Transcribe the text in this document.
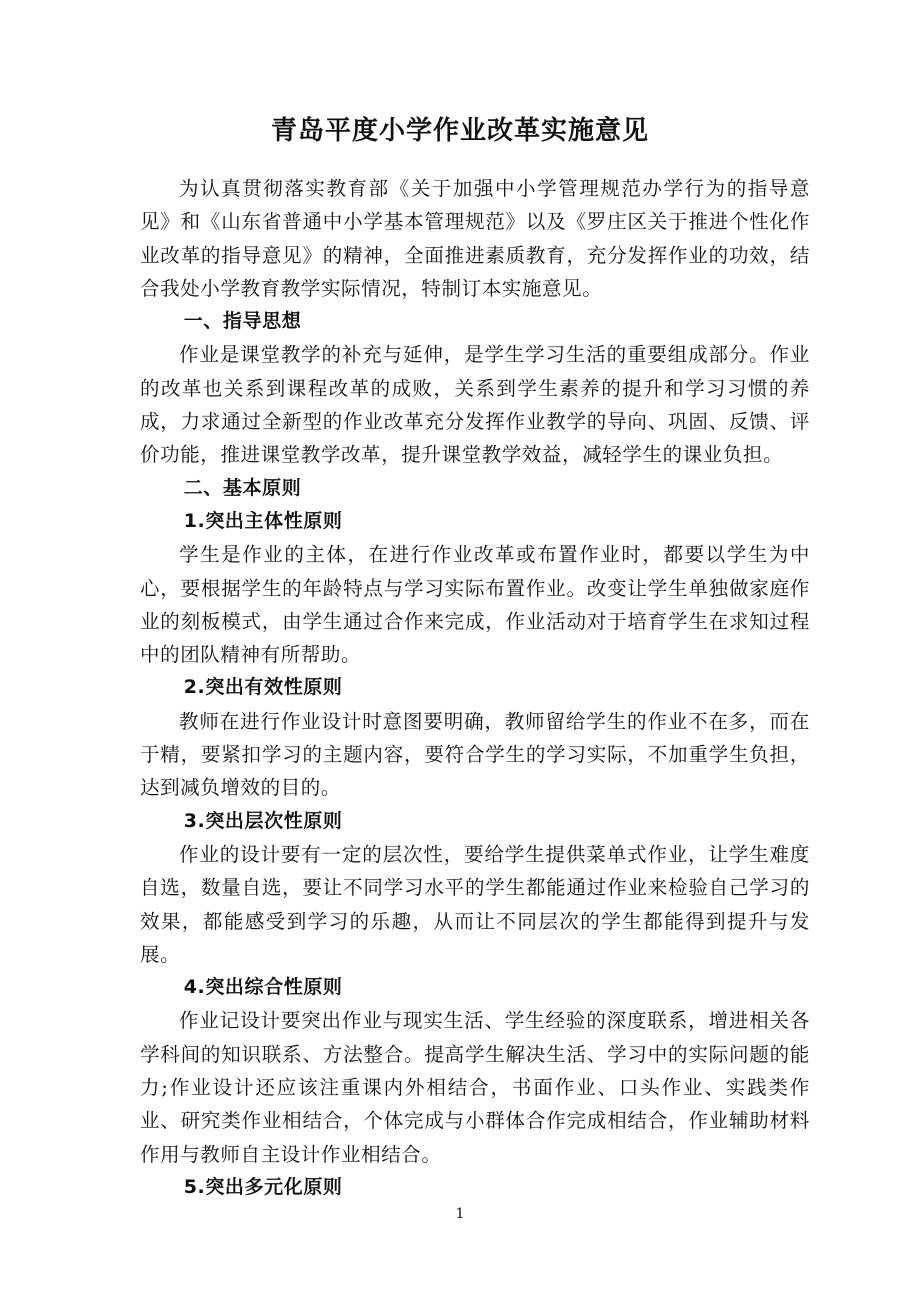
青岛平度小学作业改革实施意见

为认真贯彻落实教育部《关于加强中小学管理规范办学行为的指导意见》和《山东省普通中小学基本管理规范》以及《罗庄区关于推进个性化作业改革的指导意见》的精神，全面推进素质教育，充分发挥作业的功效，结合我处小学教育教学实际情况，特制订本实施意见。

一、指导思想

作业是课堂教学的补充与延伸，是学生学习生活的重要组成部分。作业的改革也关系到课程改革的成败，关系到学生素养的提升和学习习惯的养成，力求通过全新型的作业改革充分发挥作业教学的导向、巩固、反馈、评价功能，推进课堂教学改革，提升课堂教学效益，减轻学生的课业负担。

二、基本原则

1.突出主体性原则

学生是作业的主体，在进行作业改革或布置作业时，都要以学生为中心，要根据学生的年龄特点与学习实际布置作业。改变让学生单独做家庭作业的刻板模式，由学生通过合作来完成，作业活动对于培育学生在求知过程中的团队精神有所帮助。

2.突出有效性原则

教师在进行作业设计时意图要明确，教师留给学生的作业不在多，而在于精，要紧扣学习的主题内容，要符合学生的学习实际，不加重学生负担，达到减负增效的目的。

3.突出层次性原则

作业的设计要有一定的层次性，要给学生提供菜单式作业，让学生难度自选，数量自选，要让不同学习水平的学生都能通过作业来检验自己学习的效果，都能感受到学习的乐趣，从而让不同层次的学生都能得到提升与发展。

4.突出综合性原则

作业记设计要突出作业与现实生活、学生经验的深度联系，增进相关各学科间的知识联系、方法整合。提高学生解决生活、学习中的实际问题的能力;作业设计还应该注重课内外相结合，书面作业、口头作业、实践类作业、研究类作业相结合，个体完成与小群体合作完成相结合，作业辅助材料作用与教师自主设计作业相结合。

5.突出多元化原则

1
